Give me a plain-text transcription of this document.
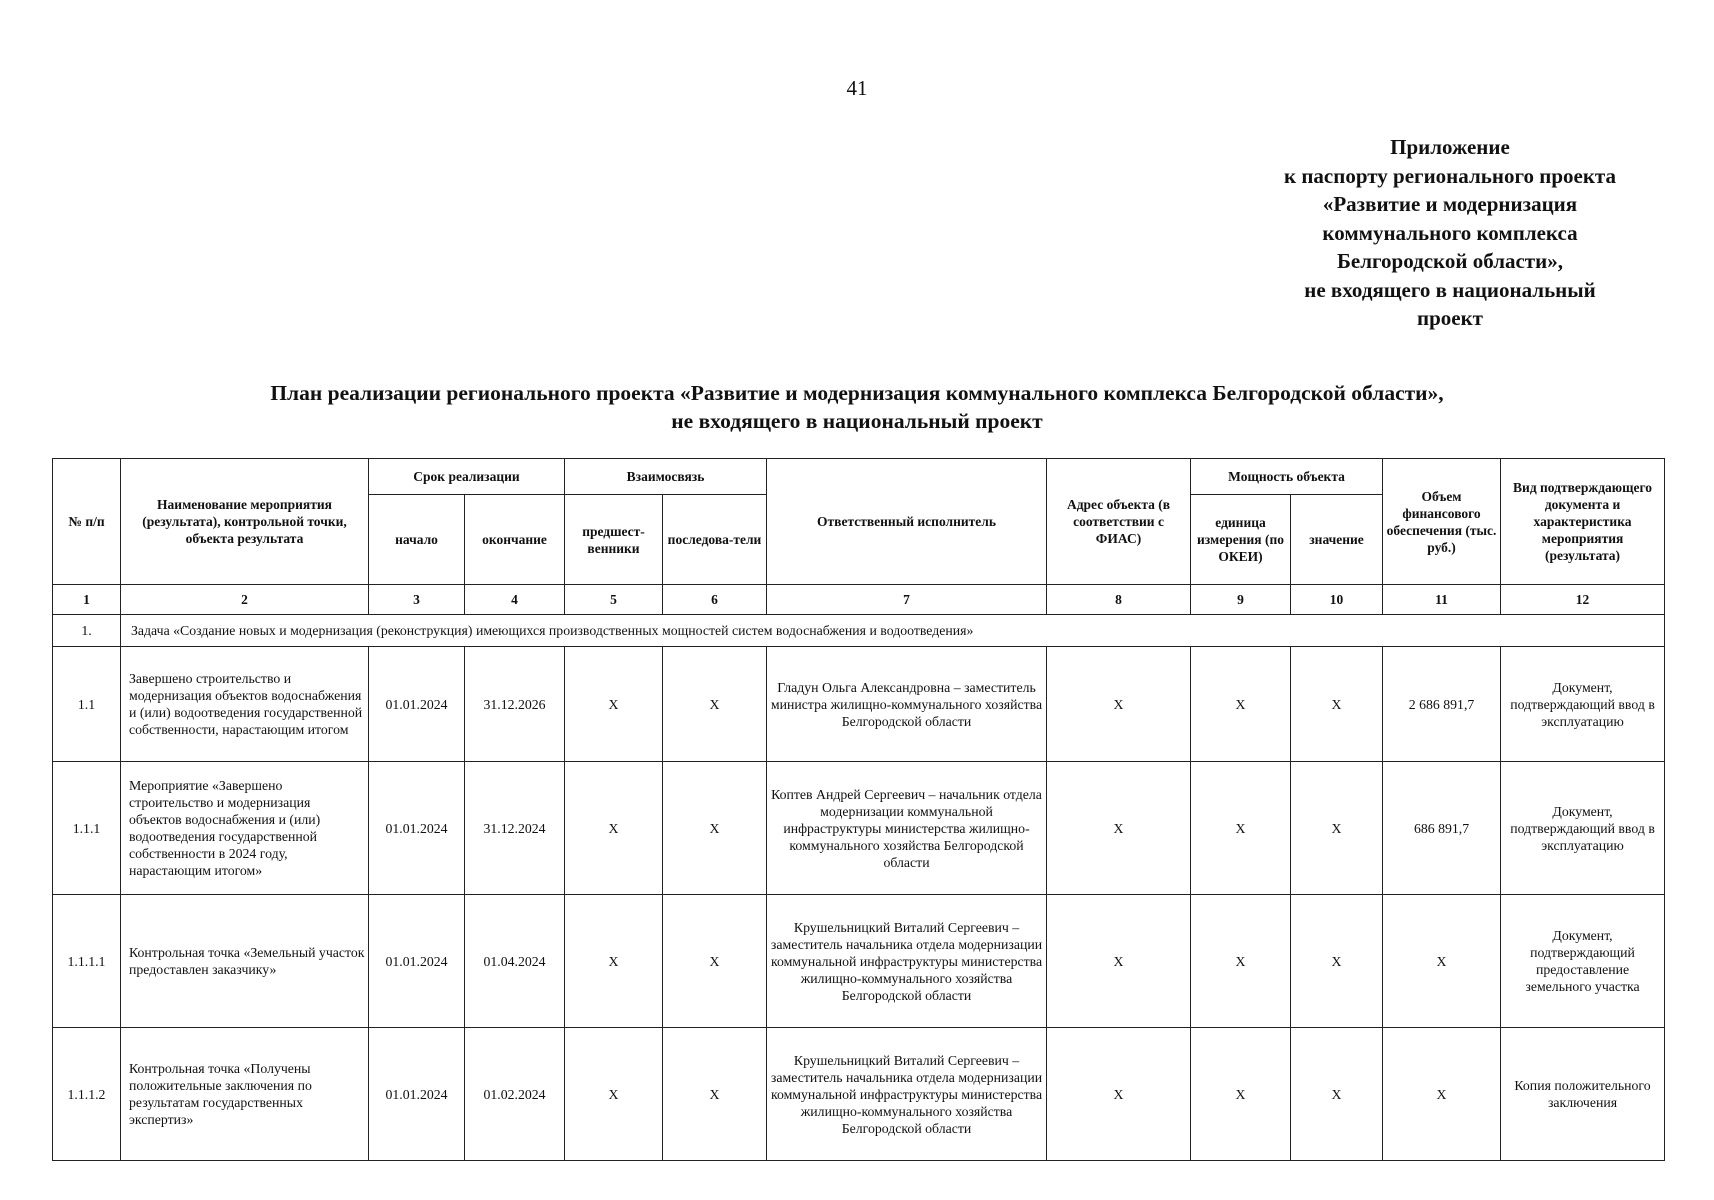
41
Приложение
к паспорту регионального проекта
«Развитие и модернизация
коммунального комплекса
Белгородской области»,
не входящего в национальный
проект
План реализации регионального проекта «Развитие и модернизация коммунального комплекса Белгородской области»,
не входящего в национальный проект
№ п/п	Наименование мероприятия (результата), контрольной точки, объекта результата	Срок реализации		Взаимосвязь		Ответственный исполнитель	Адрес объекта (в соответствии с ФИАС)	Мощность объекта		Объем финансового обеспечения (тыс. руб.)	Вид подтверждающего документа и характеристика мероприятия (результата)
		начало	окончание	предшест-венники	последова-тели			единица измерения (по ОКЕИ)	значение		
1	2	3	4	5	6	7	8	9	10	11	12
1.	Задача «Создание новых и модернизация (реконструкция) имеющихся производственных мощностей систем водоснабжения и водоотведения»										
1.1	Завершено строительство и модернизация объектов водоснабжения и (или) водоотведения государственной собственности, нарастающим итогом	01.01.2024	31.12.2026	X	X	Гладун Ольга Александровна – заместитель министра жилищно-коммунального хозяйства Белгородской области	X	X	X	2 686 891,7	Документ, подтверждающий ввод в эксплуатацию
1.1.1	Мероприятие «Завершено строительство и модернизация объектов водоснабжения и (или) водоотведения государственной собственности в 2024 году, нарастающим итогом»	01.01.2024	31.12.2024	X	X	Коптев Андрей Сергеевич – начальник отдела модернизации коммунальной инфраструктуры министерства жилищно-коммунального хозяйства Белгородской области	X	X	X	686 891,7	Документ, подтверждающий ввод в эксплуатацию
1.1.1.1	Контрольная точка «Земельный участок предоставлен заказчику»	01.01.2024	01.04.2024	X	X	Крушельницкий Виталий Сергеевич – заместитель начальника отдела модернизации коммунальной инфраструктуры министерства жилищно-коммунального хозяйства Белгородской области	X	X	X	X	Документ, подтверждающий предоставление земельного участка
1.1.1.2	Контрольная точка «Получены положительные заключения по результатам государственных экспертиз»	01.01.2024	01.02.2024	X	X	Крушельницкий Виталий Сергеевич – заместитель начальника отдела модернизации коммунальной инфраструктуры министерства жилищно-коммунального хозяйства Белгородской области	X	X	X	X	Копия положительного заключения
